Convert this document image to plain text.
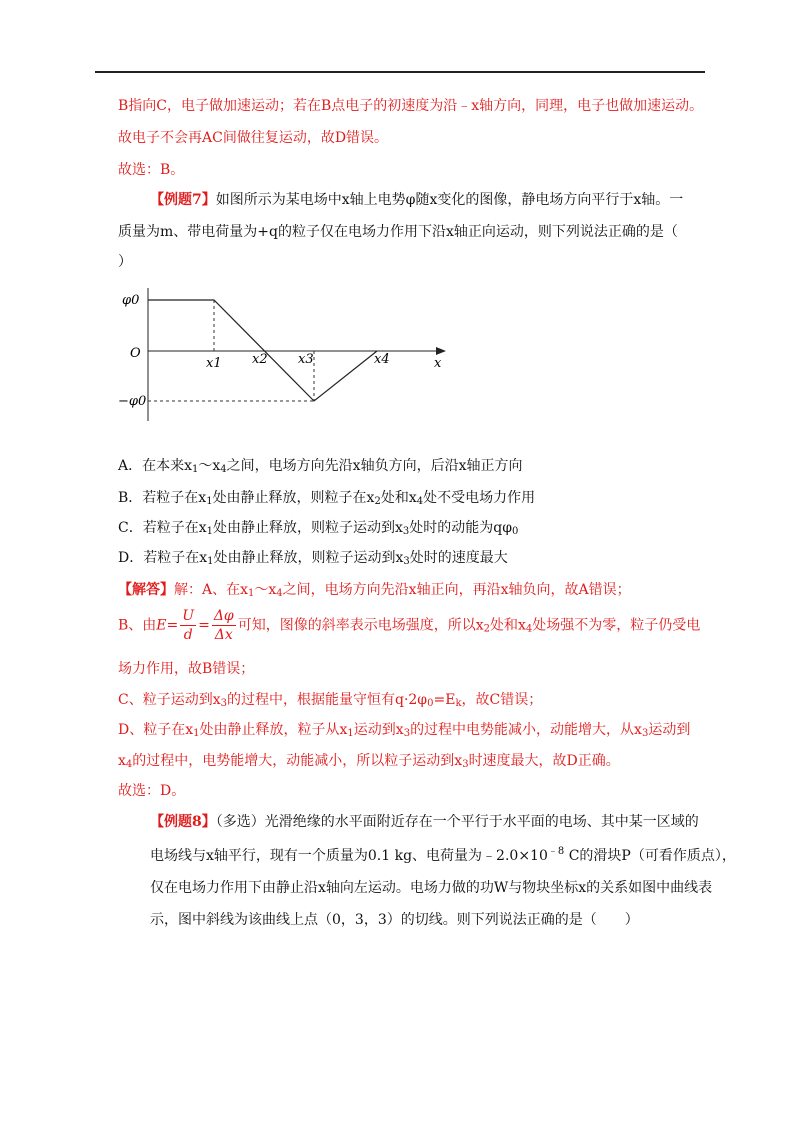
B指向C，电子做加速运动；若在B点电子的初速度为沿﹣x轴方向，同理，电子也做加速运动。
故电子不会再AC间做往复运动，故D错误。
故选：B。
【例题7】如图所示为某电场中x轴上电势φ随x变化的图像，静电场方向平行于x轴。一
质量为m、带电荷量为+q的粒子仅在电场力作用下沿x轴正向运动，则下列说法正确的是（
）
φ0
O
−φ0
x1 x2 x3	x4	x
A．在本来$x_1\sim x_4$之间，电场方向先沿x轴负方向，后沿x轴正方向
B．若粒子在$x_1$处由静止释放，则粒子在$x_2$处和$x_4$处不受电场力作用
C．若粒子在$x_1$处由静止释放，则粒子运动到$x_3$处时的动能为$q\varphi_0$
D．若粒子在$x_1$处由静止释放，则粒子运动到$x_3$处时的速度最大
【解答】解：A、在$x_1\sim x_4$之间，电场方向先沿x轴正向，再沿x轴负向，故A错误；
B、由$E= \frac{U}{d} = \frac{\Delta\varphi}{\Delta x}$ 可知，图像的斜率表示电场强度，所以$x_2$处和$x_4$处场强不为零，粒子仍受电
场力作用，故B错误；
C、粒子运动到$x_3$的过程中，根据能量守恒有$q\cdot 2\varphi_0=E_k$，故C错误；
D、粒子在$x_1$处由静止释放，粒子从$x_1$运动到$x_3$的过程中电势能减小，动能增大，从$x_3$运动到
$x_4$的过程中，电势能增大，动能减小，所以粒子运动到$x_3$时速度最大，故D正确。
故选：D。
【例题8】（多选）光滑绝缘的水平面附近存在一个平行于水平面的电场、其中某一区域的
电场线与x轴平行，现有一个质量为0.1 kg、电荷量为$﹣2.0\times 10^{﹣8}$ C的滑块P（可看作质点），
仅在电场力作用下由静止沿x轴向左运动。电场力做的功W与物块坐标x的关系如图中曲线表
示，图中斜线为该曲线上点（0，3，3）的切线。则下列说法正确的是（　　）
